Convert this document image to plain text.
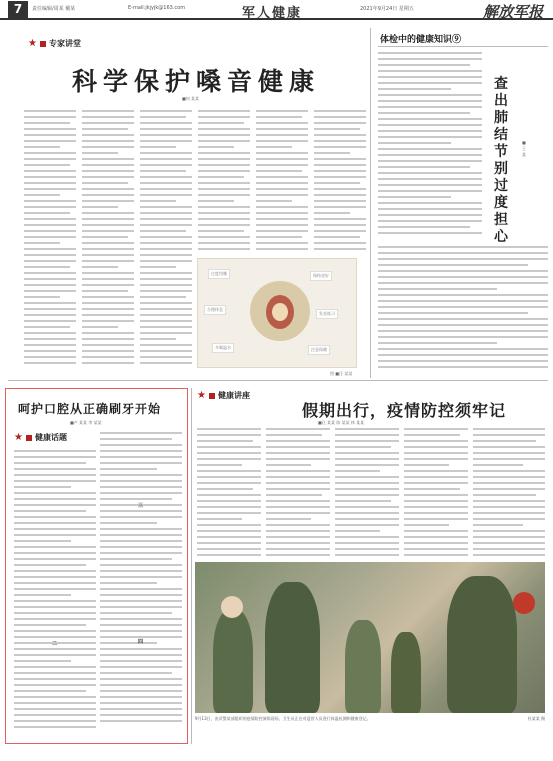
7	责任编辑/周某 戴某	E-mail:jkjyjk@163.com	军人健康	2021年9月24日 星期五	解放军报
★ 专家讲堂
科学保护嗓音健康
■何 某某
过度用嗓	保持良好
合理休息
发音练习
多喝温水	注意保暖
图 ■汪 某某
体检中的健康知识⑨
查出肺结节别过度担心
■王 某
呵护口腔从正确刷牙开始
■卢 某某 李 某某
★ 健康话题
二
三
四
★ 健康讲座
假期出行，疫情防控须牢记
■孔 某某 陈 某某 林 某某
9月13日，由武警某部组织的疫情防控演练现场，卫生员正在对返营人员进行体温检测和健康登记。	杜某某 摄
